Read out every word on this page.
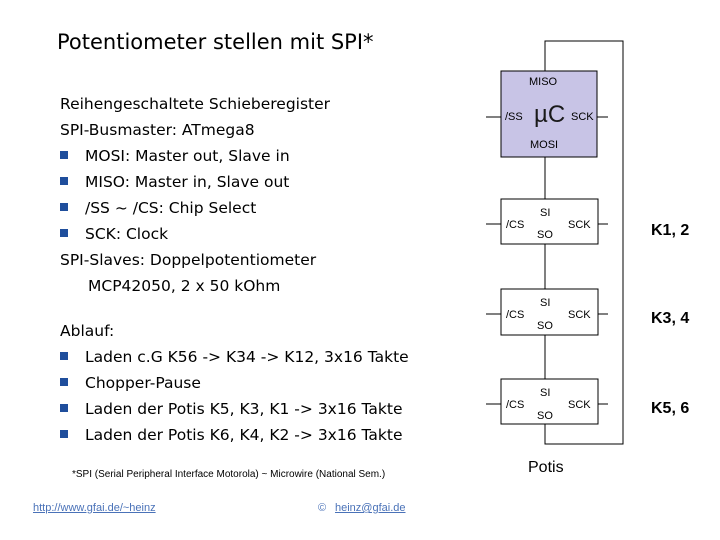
Potentiometer stellen mit SPI*
Reihengeschaltete Schieberegister
SPI-Busmaster: ATmega8
MOSI: Master out, Slave in
MISO: Master in, Slave out
/SS ~ /CS: Chip Select
SCK: Clock
SPI-Slaves: Doppelpotentiometer
MCP42050, 2 x 50 kOhm
Ablauf:
Laden c.G K56 -> K34 -> K12, 3x16 Takte
Chopper-Pause
Laden der Potis K5, K3, K1 -> 3x16 Takte
Laden der Potis K6, K4, K2 -> 3x16 Takte
*SPI (Serial Peripheral Interface Motorola) ~ Microwire (National Sem.)
http://www.gfai.de/~heinz	© heinz@gfai.de
MISO
/SS µC SCK
MOSI
SI
/CS	SCK
SO	K1, 2
SI
/CS	SCK
SO	K3, 4
SI
/CS	SCK
SO	K5, 6
Potis
